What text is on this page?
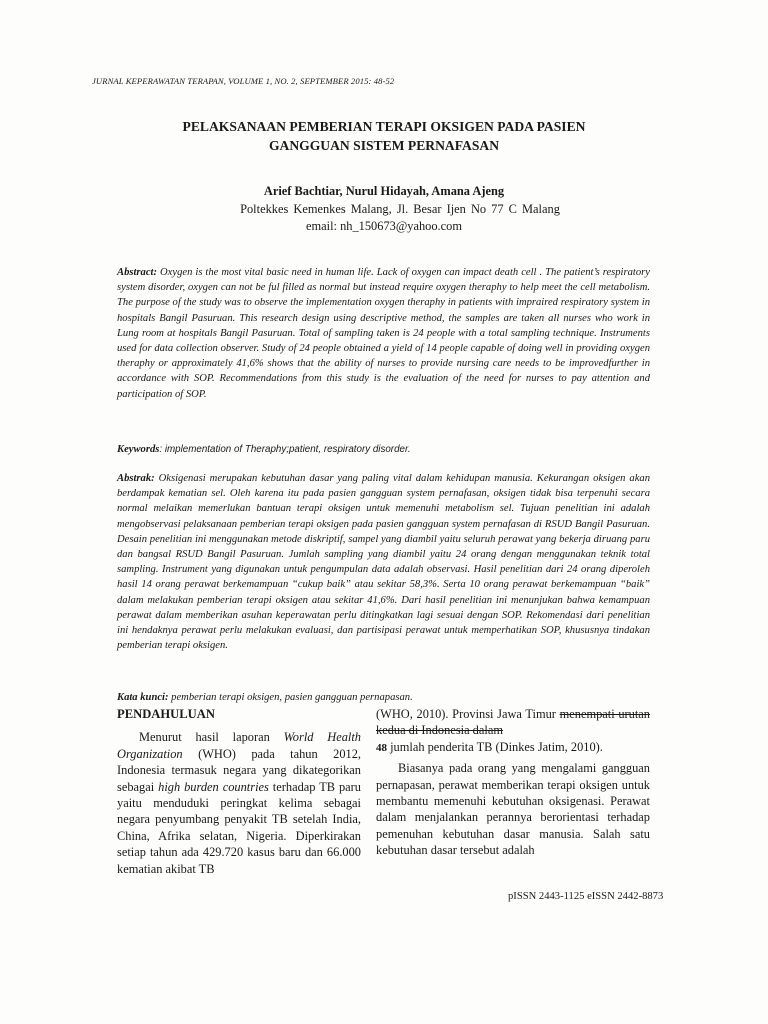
JURNAL KEPERAWATAN TERAPAN, VOLUME 1, NO. 2, SEPTEMBER 2015: 48-52
PELAKSANAAN PEMBERIAN TERAPI OKSIGEN PADA PASIEN
GANGGUAN SISTEM PERNAFASAN
Arief Bachtiar, Nurul Hidayah, Amana Ajeng
Poltekkes Kemenkes Malang, Jl. Besar Ijen No 77 C Malang
email: nh_150673@yahoo.com
Abstract: Oxygen is the most vital basic need in human life. Lack of oxygen can impact death cell . The patient’s respiratory system disorder, oxygen can not be ful filled as normal but instead require oxygen theraphy to help meet the cell metabolism. The purpose of the study was to observe the implementation oxygen theraphy in patients with impraired respiratory system in hospitals Bangil Pasuruan. This research design using descriptive method, the samples are taken all nurses who work in Lung room at hospitals Bangil Pasuruan. Total of sampling taken is 24 people with a total sampling technique. Instruments used for data collection observer. Study of 24 people obtained a yield of 14 people capable of doing well in providing oxygen theraphy or approximately 41,6% shows that the ability of nurses to provide nursing care needs to be improvedfurther in accordance with SOP. Recommendations from this study is the evaluation of the need for nurses to pay attention and participation of SOP.
Keywords: implementation of Theraphy;patient, respiratory disorder.
Abstrak: Oksigenasi merupakan kebutuhan dasar yang paling vital dalam kehidupan manusia. Kekurangan oksigen akan berdampak kematian sel. Oleh karena itu pada pasien gangguan system pernafasan, oksigen tidak bisa terpenuhi secara normal melaikan memerlukan bantuan terapi oksigen untuk memenuhi metabolism sel. Tujuan penelitian ini adalah mengobservasi pelaksanaan pemberian terapi oksigen pada pasien gangguan system pernafasan di RSUD Bangil Pasuruan. Desain penelitian ini menggunakan metode diskriptif, sampel yang diambil yaitu seluruh perawat yang bekerja diruang paru dan bangsal RSUD Bangil Pasuruan. Jumlah sampling yang diambil yaitu 24 orang dengan menggunakan teknik total sampling. Instrument yang digunakan untuk pengumpulan data adalah observasi. Hasil penelitian dari 24 orang diperoleh hasil 14 orang perawat berkemampuan “cukup baik” atau sekitar 58,3%. Serta 10 orang perawat berkemampuan “baik” dalam melakukan pemberian terapi oksigen atau sekitar 41,6%. Dari hasil penelitian ini menunjukan bahwa kemampuan perawat dalam memberikan asuhan keperawatan perlu ditingkatkan lagi sesuai dengan SOP. Rekomendasi dari penelitian ini hendaknya perawat perlu melakukan evaluasi, dan partisipasi perawat untuk memperhatikan SOP, khususnya tindakan pemberian terapi oksigen.
Kata kunci: pemberian terapi oksigen, pasien gangguan pernapasan.

PENDAHULUAN

Menurut hasil laporan World Health Organization (WHO) pada tahun 2012, Indonesia termasuk negara yang dikategorikan sebagai high burden countries terhadap TB paru yaitu menduduki peringkat kelima sebagai negara penyumbang penyakit TB setelah India, China, Afrika selatan, Nigeria. Diperkirakan setiap tahun ada 429.720 kasus baru dan 66.000 kematian akibat TB

(WHO, 2010). Provinsi Jawa Timur menempati urutan kedua di Indonesia dalam
48 jumlah penderita TB (Dinkes Jatim, 2010).

Biasanya pada orang yang mengalami gangguan pernapasan, perawat memberikan terapi oksigen untuk membantu memenuhi kebutuhan oksigenasi. Perawat dalam menjalankan perannya berorientasi terhadap pemenuhan kebutuhan dasar manusia. Salah satu kebutuhan dasar tersebut adalah

pISSN 2443-1125 eISSN 2442-8873
